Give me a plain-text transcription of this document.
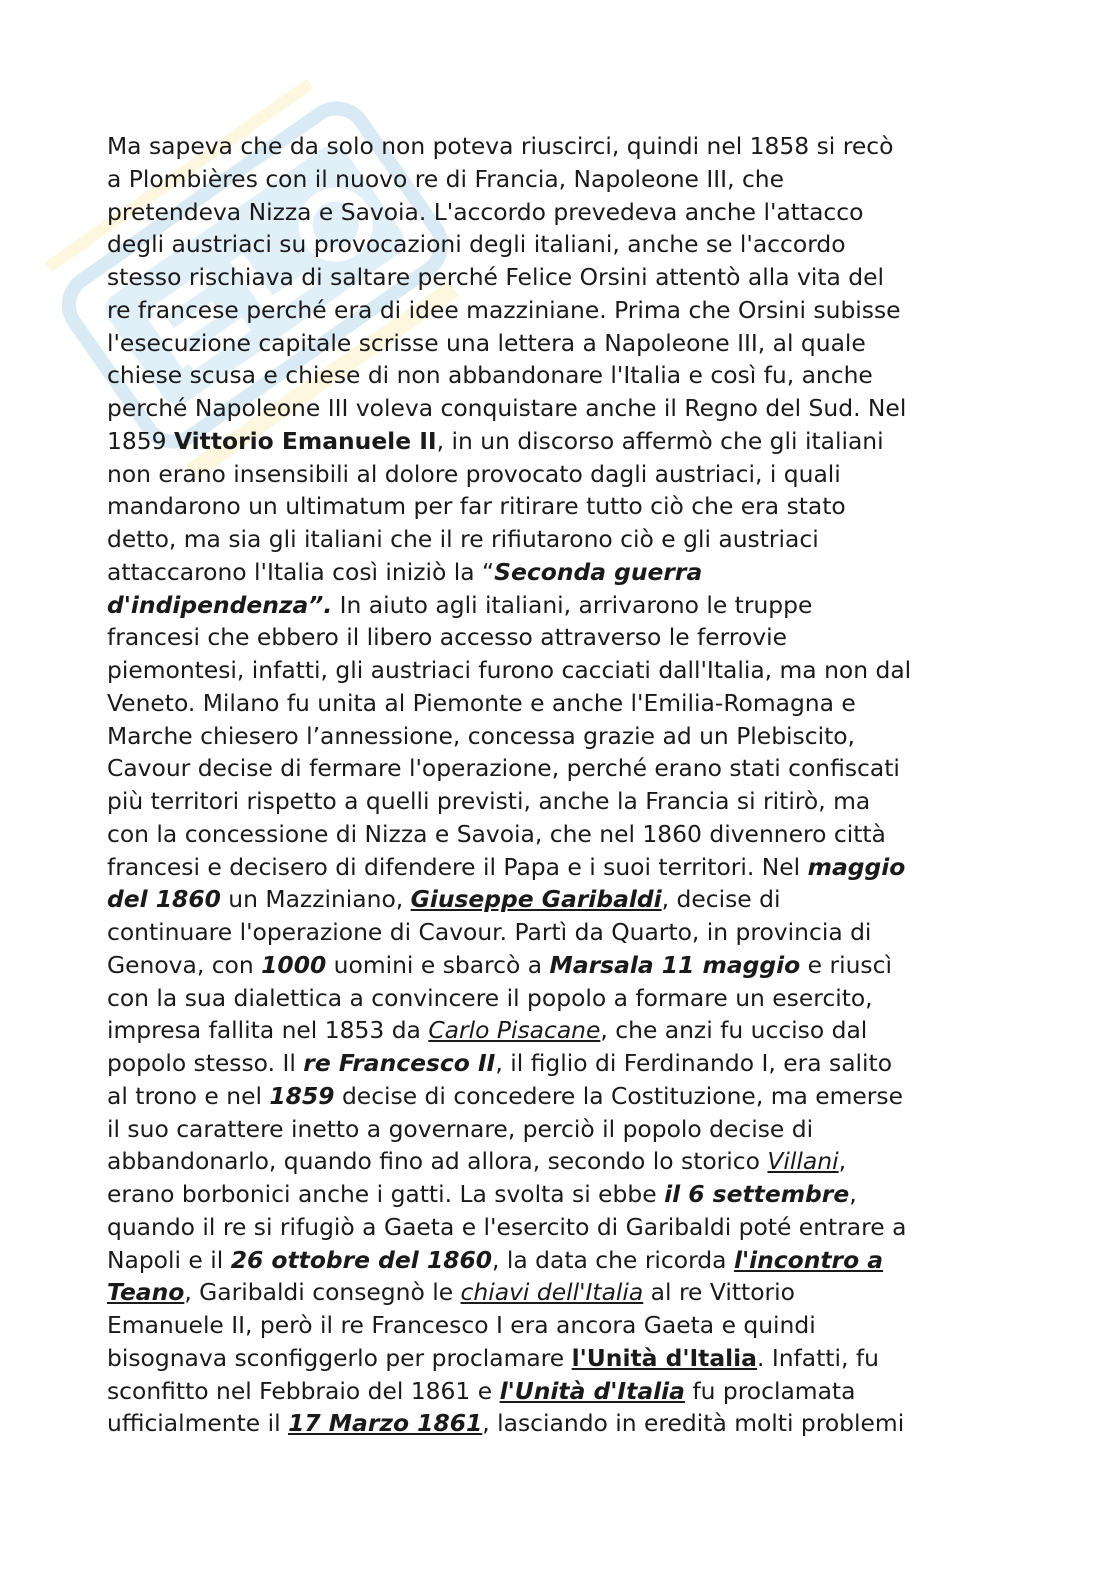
Ma sapeva che da solo non poteva riuscirci, quindi nel 1858 si recò
a Plombières con il nuovo re di Francia, Napoleone III, che
pretendeva Nizza e Savoia. L'accordo prevedeva anche l'attacco
degli austriaci su provocazioni degli italiani, anche se l'accordo
stesso rischiava di saltare perché Felice Orsini attentò alla vita del
re francese perché era di idee mazziniane. Prima che Orsini subisse
l'esecuzione capitale scrisse una lettera a Napoleone III, al quale
chiese scusa e chiese di non abbandonare l'Italia e così fu, anche
perché Napoleone III voleva conquistare anche il Regno del Sud. Nel
1859 Vittorio Emanuele II, in un discorso affermò che gli italiani
non erano insensibili al dolore provocato dagli austriaci, i quali
mandarono un ultimatum per far ritirare tutto ciò che era stato
detto, ma sia gli italiani che il re rifiutarono ciò e gli austriaci
attaccarono l'Italia così iniziò la “Seconda guerra
d'indipendenza”. In aiuto agli italiani, arrivarono le truppe
francesi che ebbero il libero accesso attraverso le ferrovie
piemontesi, infatti, gli austriaci furono cacciati dall'Italia, ma non dal
Veneto. Milano fu unita al Piemonte e anche l'Emilia-Romagna e
Marche chiesero l’annessione, concessa grazie ad un Plebiscito,
Cavour decise di fermare l'operazione, perché erano stati confiscati
più territori rispetto a quelli previsti, anche la Francia si ritirò, ma
con la concessione di Nizza e Savoia, che nel 1860 divennero città
francesi e decisero di difendere il Papa e i suoi territori. Nel maggio
del 1860 un Mazziniano, Giuseppe Garibaldi, decise di
continuare l'operazione di Cavour. Partì da Quarto, in provincia di
Genova, con 1000 uomini e sbarcò a Marsala 11 maggio e riuscì
con la sua dialettica a convincere il popolo a formare un esercito,
impresa fallita nel 1853 da Carlo Pisacane, che anzi fu ucciso dal
popolo stesso. Il re Francesco II, il figlio di Ferdinando I, era salito
al trono e nel 1859 decise di concedere la Costituzione, ma emerse
il suo carattere inetto a governare, perciò il popolo decise di
abbandonarlo, quando fino ad allora, secondo lo storico Villani,
erano borbonici anche i gatti. La svolta si ebbe il 6 settembre,
quando il re si rifugiò a Gaeta e l'esercito di Garibaldi poté entrare a
Napoli e il 26 ottobre del 1860, la data che ricorda l'incontro a
Teano, Garibaldi consegnò le chiavi dell'Italia al re Vittorio
Emanuele II, però il re Francesco I era ancora Gaeta e quindi
bisognava sconfiggerlo per proclamare l'Unità d'Italia. Infatti, fu
sconfitto nel Febbraio del 1861 e l'Unità d'Italia fu proclamata
ufficialmente il 17 Marzo 1861, lasciando in eredità molti problemi
